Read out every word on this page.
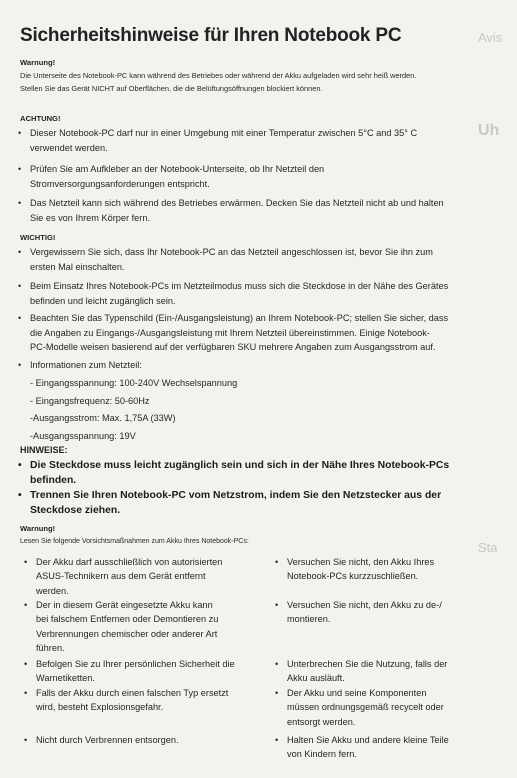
Avis
Uh
Sta
Sicherheitshinweise für Ihren Notebook PC
Warnung!
Die Unterseite des Notebook-PC kann während des Betriebes oder während der Akku aufgeladen wird sehr heiß werden.
Stellen Sie das Gerät NICHT auf Oberflächen, die die Belüftungsöffnungen blockiert können.
ACHTUNG!
• Dieser Notebook-PC darf nur in einer Umgebung mit einer Temperatur zwischen 5°C and 35° C
verwendet werden.
• Prüfen Sie am Aufkleber an der Notebook-Unterseite, ob Ihr Netzteil den
Stromversorgungsanforderungen entspricht.
• Das Netzteil kann sich während des Betriebes erwärmen. Decken Sie das Netzteil nicht ab und halten
Sie es von Ihrem Körper fern.
WICHTIG!
• Vergewissern Sie sich, dass Ihr Notebook-PC an das Netzteil angeschlossen ist, bevor Sie ihn zum
ersten Mal einschalten.
• Beim Einsatz Ihres Notebook-PCs im Netzteilmodus muss sich die Steckdose in der Nähe des Gerätes
befinden und leicht zugänglich sein.
• Beachten Sie das Typenschild (Ein-/Ausgangsleistung) an Ihrem Notebook-PC; stellen Sie sicher, dass
die Angaben zu Eingangs-/Ausgangsleistung mit Ihrem Netzteil übereinstimmen. Einige Notebook-
PC-Modelle weisen basierend auf der verfügbaren SKU mehrere Angaben zum Ausgangsstrom auf.
• Informationen zum Netzteil:
- Eingangsspannung: 100-240V Wechselspannung
- Eingangsfrequenz: 50-60Hz
-Ausgangsstrom: Max. 1,75A (33W)
-Ausgangsspannung: 19V
HINWEISE:
• Die Steckdose muss leicht zugänglich sein und sich in der Nähe Ihres Notebook-PCs
befinden.
• Trennen Sie Ihren Notebook-PC vom Netzstrom, indem Sie den Netzstecker aus der
Steckdose ziehen.
Warnung!
Lesen Sie folgende Vorsichtsmaßnahmen zum Akku Ihres Notebook-PCs:
• Der Akku darf ausschließlich von autorisierten
ASUS-Technikern aus dem Gerät entfernt
werden.
• Der in diesem Gerät eingesetzte Akku kann
bei falschem Entfernen oder Demontieren zu
Verbrennungen chemischer oder anderer Art
führen.
• Befolgen Sie zu Ihrer persönlichen Sicherheit die
Warnetiketten.
• Falls der Akku durch einen falschen Typ ersetzt
wird, besteht Explosionsgefahr.
• Nicht durch Verbrennen entsorgen.
• Versuchen Sie nicht, den Akku Ihres
Notebook-PCs kurzzuschließen.
• Versuchen Sie nicht, den Akku zu de-/
montieren.
• Unterbrechen Sie die Nutzung, falls der
Akku ausläuft.
• Der Akku und seine Komponenten
müssen ordnungsgemäß recycelt oder
entsorgt werden.
• Halten Sie Akku und andere kleine Teile
von Kindern fern.
